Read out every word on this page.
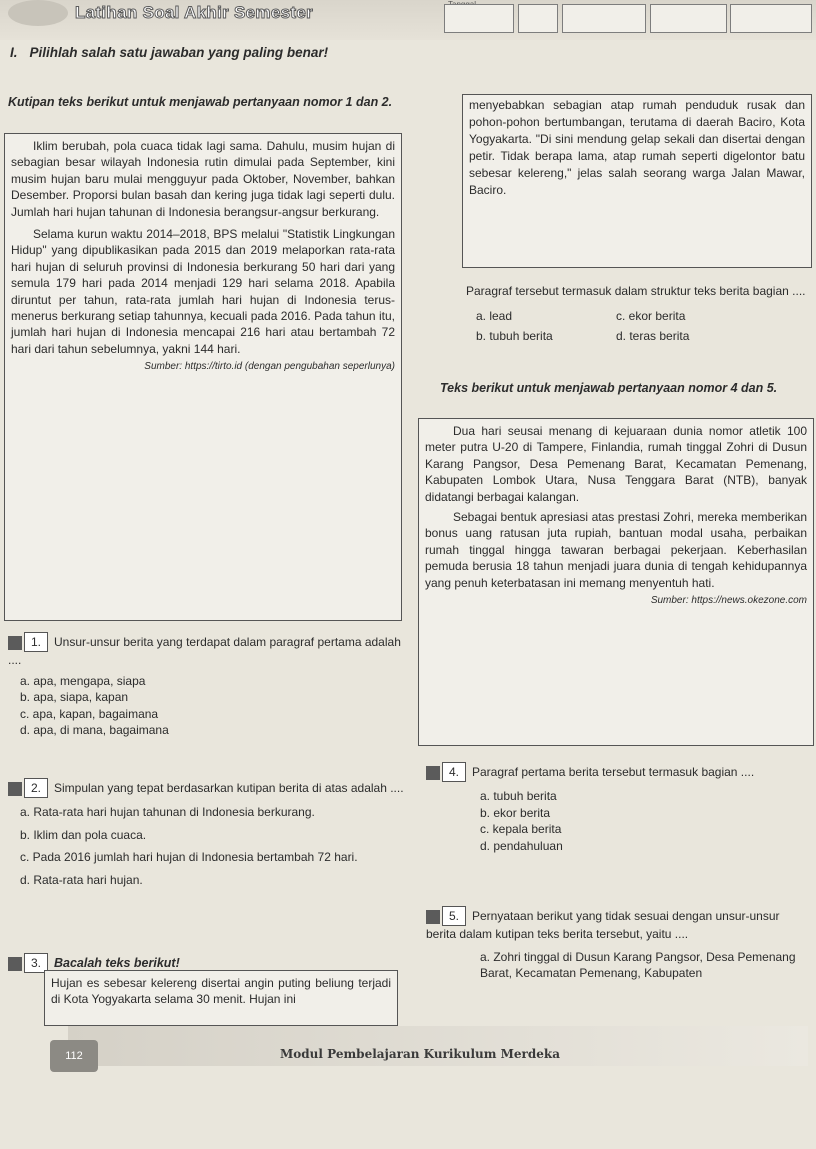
Latihan Soal Akhir Semester
I. Pilihlah salah satu jawaban yang paling benar!
Kutipan teks berikut untuk menjawab pertanyaan nomor 1 dan 2.

Iklim berubah, pola cuaca tidak lagi sama. Dahulu, musim hujan di sebagian besar wilayah Indonesia rutin dimulai pada September, kini musim hujan baru mulai mengguyur pada Oktober, November, bahkan Desember. Proporsi bulan basah dan kering juga tidak lagi seperti dulu. Jumlah hari hujan tahunan di Indonesia berangsur-angsur berkurang.

Selama kurun waktu 2014–2018, BPS melalui "Statistik Lingkungan Hidup" yang dipublikasikan pada 2015 dan 2019 melaporkan rata-rata hari hujan di seluruh provinsi di Indonesia berkurang 50 hari dari yang semula 179 hari pada 2014 menjadi 129 hari selama 2018. Apabila diruntut per tahun, rata-rata jumlah hari hujan di Indonesia terus-menerus berkurang setiap tahunnya, kecuali pada 2016. Pada tahun itu, jumlah hari hujan di Indonesia mencapai 216 hari atau bertambah 72 hari dari tahun sebelumnya, yakni 144 hari.

Sumber: https://tirto.id (dengan pengubahan seperlunya)

1. Unsur-unsur berita yang terdapat dalam paragraf pertama adalah ....
a. apa, mengapa, siapa
b. apa, siapa, kapan
c. apa, kapan, bagaimana
d. apa, di mana, bagaimana
2. Simpulan yang tepat berdasarkan kutipan berita di atas adalah ....
a. Rata-rata hari hujan tahunan di Indonesia berkurang.
b. Iklim dan pola cuaca.
c. Pada 2016 jumlah hari hujan di Indonesia bertambah 72 hari.
d. Rata-rata hari hujan.
3. Bacalah teks berikut!

Hujan es sebesar kelereng disertai angin puting beliung terjadi di Kota Yogyakarta selama 30 menit. Hujan ini

menyebabkan sebagian atap rumah penduduk rusak dan pohon-pohon bertumbangan, terutama di daerah Baciro, Kota Yogyakarta. "Di sini mendung gelap sekali dan disertai dengan petir. Tidak berapa lama, atap rumah seperti digelontor batu sebesar kelereng," jelas salah seorang warga Jalan Mawar, Baciro.

Paragraf tersebut termasuk dalam struktur teks berita bagian ....
a. lead	c. ekor berita
b. tubuh berita	d. teras berita
Teks berikut untuk menjawab pertanyaan nomor 4 dan 5.

Dua hari seusai menang di kejuaraan dunia nomor atletik 100 meter putra U-20 di Tampere, Finlandia, rumah tinggal Zohri di Dusun Karang Pangsor, Desa Pemenang Barat, Kecamatan Pemenang, Kabupaten Lombok Utara, Nusa Tenggara Barat (NTB), banyak didatangi berbagai kalangan.

Sebagai bentuk apresiasi atas prestasi Zohri, mereka memberikan bonus uang ratusan juta rupiah, bantuan modal usaha, perbaikan rumah tinggal hingga tawaran berbagai pekerjaan. Keberhasilan pemuda berusia 18 tahun menjadi juara dunia di tengah kehidupannya yang penuh keterbatasan ini memang menyentuh hati.

Sumber: https://news.okezone.com

4. Paragraf pertama berita tersebut termasuk bagian ....
a. tubuh berita
b. ekor berita
c. kepala berita
d. pendahuluan
5. Pernyataan berikut yang tidak sesuai dengan unsur-unsur berita dalam kutipan teks berita tersebut, yaitu ....
a. Zohri tinggal di Dusun Karang Pangsor, Desa Pemenang Barat, Kecamatan Pemenang, Kabupaten
112	Modul Pembelajaran Kurikulum Merdeka
